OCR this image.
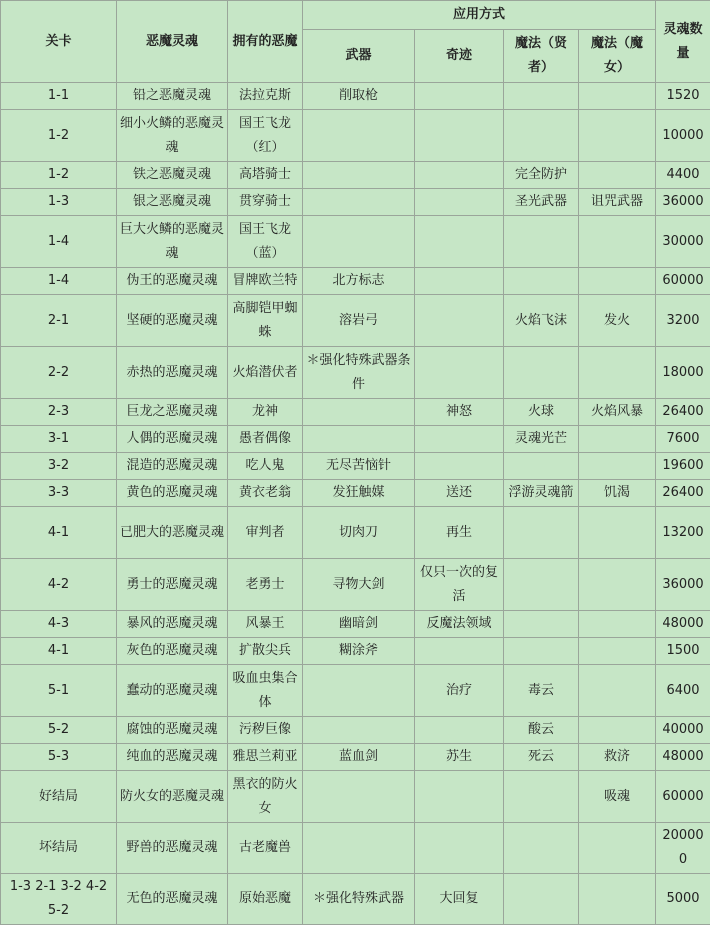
关卡	恶魔灵魂	拥有的恶魔	应用方式				灵魂数量
			武器	奇迹	魔法（贤者）	魔法（魔女）	
1-1	铅之恶魔灵魂	法拉克斯	削取枪				1520
1-2	细小火鳞的恶魔灵魂	国王飞龙（红）					10000
1-2	铁之恶魔灵魂	高塔骑士			完全防护		4400
1-3	银之恶魔灵魂	贯穿骑士			圣光武器	诅咒武器	36000
1-4	巨大火鳞的恶魔灵魂	国王飞龙（蓝）					30000
1-4	伪王的恶魔灵魂	冒牌欧兰特	北方标志				60000
2-1	坚硬的恶魔灵魂	高脚铠甲蜘蛛	溶岩弓		火焰飞沫	发火	3200
2-2	赤热的恶魔灵魂	火焰潜伏者	＊强化特殊武器条件				18000
2-3	巨龙之恶魔灵魂	龙神		神怒	火球	火焰风暴	26400
3-1	人偶的恶魔灵魂	愚者偶像			灵魂光芒		7600
3-2	混造的恶魔灵魂	吃人鬼	无尽苦恼针				19600
3-3	黄色的恶魔灵魂	黄衣老翁	发狂触媒	送还	浮游灵魂箭	饥渴	26400
4-1	已肥大的恶魔灵魂	审判者	切肉刀	再生			13200
4-2	勇士的恶魔灵魂	老勇士	寻物大剑	仅只一次的复活			36000
4-3	暴风的恶魔灵魂	风暴王	幽暗剑	反魔法领域			48000
4-1	灰色的恶魔灵魂	扩散尖兵	糊涂斧				1500
5-1	蠢动的恶魔灵魂	吸血虫集合体		治疗	毒云		6400
5-2	腐蚀的恶魔灵魂	污秽巨像			酸云		40000
5-3	纯血的恶魔灵魂	雅思兰莉亚	蓝血剑	苏生	死云	救济	48000
好结局	防火女的恶魔灵魂	黑衣的防火女				吸魂	60000
坏结局	野兽的恶魔灵魂	古老魔兽					200000
1-3 2-1 3-2 4-2 5-2	无色的恶魔灵魂	原始恶魔	＊强化特殊武器	大回复			5000
